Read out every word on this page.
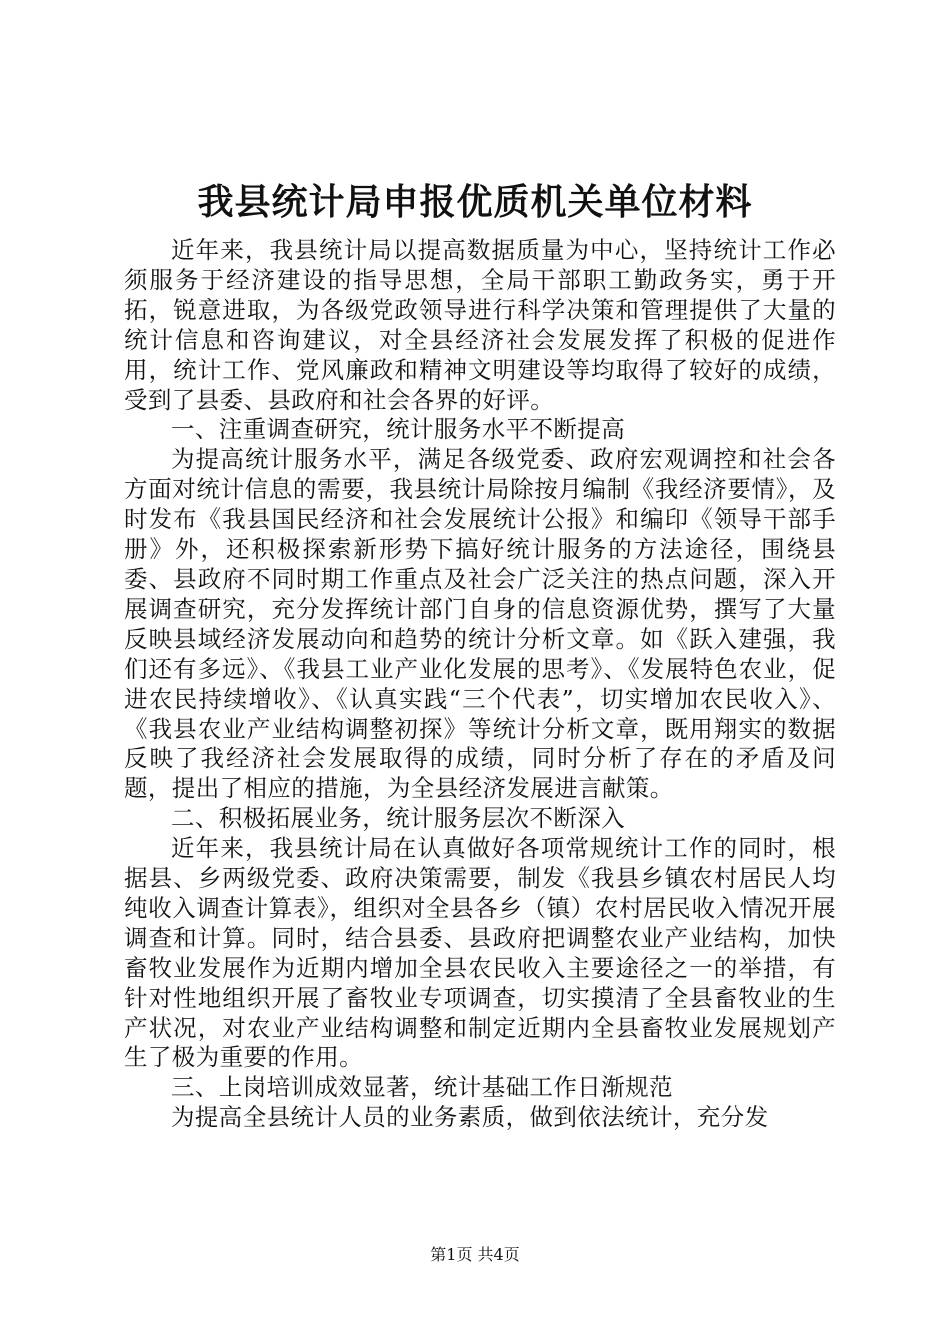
我县统计局申报优质机关单位材料

近年来，我县统计局以提高数据质量为中心，坚持统计工作必须服务于经济建设的指导思想，全局干部职工勤政务实，勇于开拓，锐意进取，为各级党政领导进行科学决策和管理提供了大量的统计信息和咨询建议，对全县经济社会发展发挥了积极的促进作用，统计工作、党风廉政和精神文明建设等均取得了较好的成绩，受到了县委、县政府和社会各界的好评。

一、注重调查研究，统计服务水平不断提高

为提高统计服务水平，满足各级党委、政府宏观调控和社会各方面对统计信息的需要，我县统计局除按月编制《我经济要情》，及时发布《我县国民经济和社会发展统计公报》和编印《领导干部手册》外，还积极探索新形势下搞好统计服务的方法途径，围绕县委、县政府不同时期工作重点及社会广泛关注的热点问题，深入开展调查研究，充分发挥统计部门自身的信息资源优势，撰写了大量反映县域经济发展动向和趋势的统计分析文章。如《跃入建强，我们还有多远》、《我县工业产业化发展的思考》、《发展特色农业，促进农民持续增收》、《认真实践“三个代表”，切实增加农民收入》、《我县农业产业结构调整初探》等统计分析文章，既用翔实的数据反映了我经济社会发展取得的成绩，同时分析了存在的矛盾及问题，提出了相应的措施，为全县经济发展进言献策。

二、积极拓展业务，统计服务层次不断深入

近年来，我县统计局在认真做好各项常规统计工作的同时，根据县、乡两级党委、政府决策需要，制发《我县乡镇农村居民人均纯收入调查计算表》，组织对全县各乡（镇）农村居民收入情况开展调查和计算。同时，结合县委、县政府把调整农业产业结构，加快畜牧业发展作为近期内增加全县农民收入主要途径之一的举措，有针对性地组织开展了畜牧业专项调查，切实摸清了全县畜牧业的生产状况，对农业产业结构调整和制定近期内全县畜牧业发展规划产生了极为重要的作用。

三、上岗培训成效显著，统计基础工作日渐规范

为提高全县统计人员的业务素质，做到依法统计，充分发

第1页 共4页
